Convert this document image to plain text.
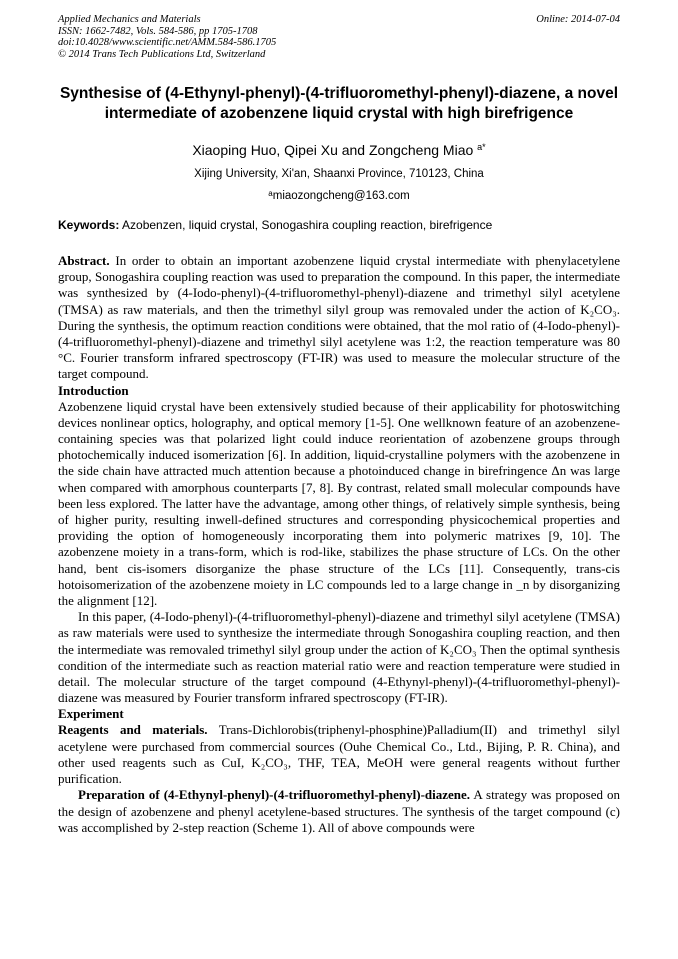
Applied Mechanics and Materials
ISSN: 1662-7482, Vols. 584-586, pp 1705-1708
doi:10.4028/www.scientific.net/AMM.584-586.1705
© 2014 Trans Tech Publications Ltd, Switzerland
Online: 2014-07-04
Synthesise of (4-Ethynyl-phenyl)-(4-trifluoromethyl-phenyl)-diazene, a novel intermediate of azobenzene liquid crystal with high birefrigence
Xiaoping Huo, Qipei Xu and Zongcheng Miao $^{a*}$
Xijing University, Xi'an, Shaanxi Province, 710123, China
$^a$miaozongcheng@163.com
Keywords: Azobenzen, liquid crystal, Sonogashira coupling reaction, birefrigence

Abstract. In order to obtain an important azobenzene liquid crystal intermediate with phenylacetylene group, Sonogashira coupling reaction was used to preparation the compound. In this paper, the intermediate was synthesized by (4-Iodo-phenyl)-(4-trifluoromethyl-phenyl)-diazene and trimethyl silyl acetylene (TMSA) as raw materials, and then the trimethyl silyl group was removaled under the action of K₂CO₃. During the synthesis, the optimum reaction conditions were obtained, that the mol ratio of (4-Iodo-phenyl)-(4-trifluoromethyl-phenyl)-diazene and trimethyl silyl acetylene was 1:2, the reaction temperature was 80 °C. Fourier transform infrared spectroscopy (FT-IR) was used to measure the molecular structure of the target compound.

Introduction

Azobenzene liquid crystal have been extensively studied because of their applicability for photoswitching devices nonlinear optics, holography, and optical memory [1-5]. One wellknown feature of an azobenzene-containing species was that polarized light could induce reorientation of azobenzene groups through photochemically induced isomerization [6]. In addition, liquid-crystalline polymers with the azobenzene in the side chain have attracted much attention because a photoinduced change in birefringence Δn was large when compared with amorphous counterparts [7, 8]. By contrast, related small molecular compounds have been less explored. The latter have the advantage, among other things, of relatively simple synthesis, being of higher purity, resulting inwell-defined structures and corresponding physicochemical properties and providing the option of homogeneously incorporating them into polymeric matrixes [9, 10]. The azobenzene moiety in a trans-form, which is rod-like, stabilizes the phase structure of LCs. On the other hand, bent cis-isomers disorganize the phase structure of the LCs [11]. Consequently, trans-cis hotoisomerization of the azobenzene moiety in LC compounds led to a large change in _n by disorganizing the alignment [12].

In this paper, (4-Iodo-phenyl)-(4-trifluoromethyl-phenyl)-diazene and trimethyl silyl acetylene (TMSA) as raw materials were used to synthesize the intermediate through Sonogashira coupling reaction, and then the intermediate was removaled trimethyl silyl group under the action of K₂CO₃ Then the optimal synthesis condition of the intermediate such as reaction material ratio were and reaction temperature were studied in detail. The molecular structure of the target compound (4-Ethynyl-phenyl)-(4-trifluoromethyl-phenyl)-diazene was measured by Fourier transform infrared spectroscopy (FT-IR).

Experiment

Reagents and materials. Trans-Dichlorobis(triphenyl-phosphine)Palladium(II) and trimethyl silyl acetylene were purchased from commercial sources (Ouhe Chemical Co., Ltd., Bijing, P. R. China), and other used reagents such as CuI, K₂CO₃, THF, TEA, MeOH were general reagents without further purification.

Preparation of (4-Ethynyl-phenyl)-(4-trifluoromethyl-phenyl)-diazene. A strategy was proposed on the design of azobenzene and phenyl acetylene-based structures. The synthesis of the target compound (c) was accomplished by 2-step reaction (Scheme 1). All of above compounds were
